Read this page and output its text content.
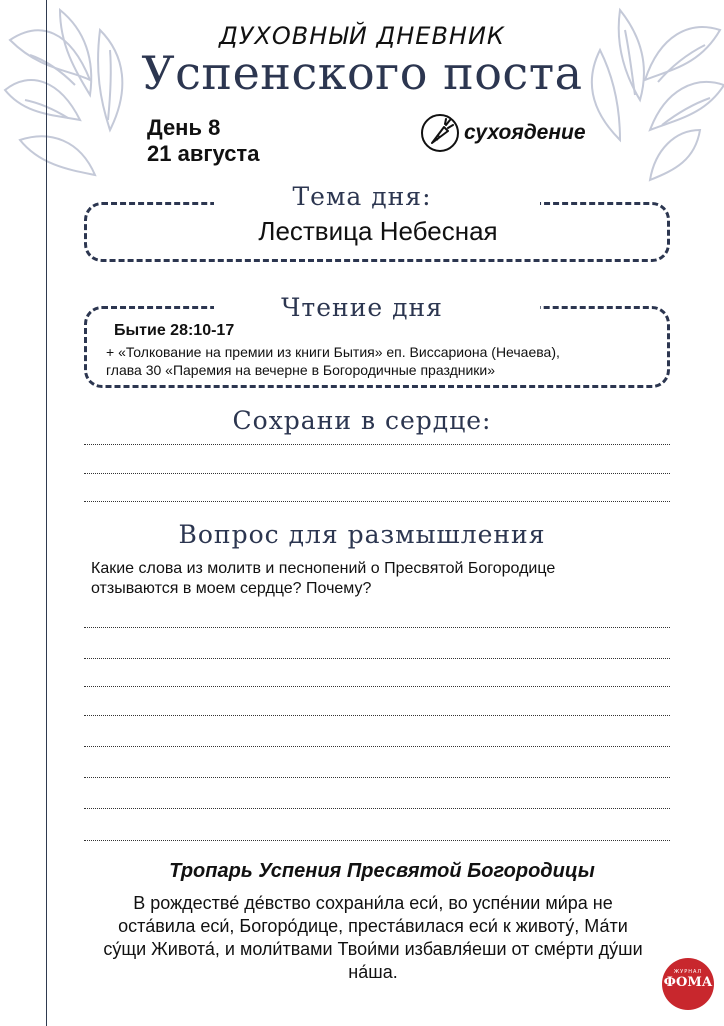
ДУХОВНЫЙ ДНЕВНИК
Успенского поста
День 8
21 августа
сухоядение
Тема дня:
Лествица Небесная
Чтение дня
Бытие 28:10-17
+ «Толкование на премии из книги Бытия» еп. Виссариона (Нечаева),
глава 30 «Паремия на вечерне в Богородичные праздники»
Сохрани в сердце:
Вопрос для размышления
Какие слова из молитв и песнопений о Пресвятой Богородице
отзываются в моем сердце? Почему?
Тропарь Успения Пресвятой Богородицы
В рождестве́ де́вство сохрани́ла еси́, во успе́нии ми́ра не
оста́вила еси́, Богоро́дице, преста́вилася еси́ к животу́, Ма́ти
су́щи Живота́, и моли́твами Твои́ми избавля́еши от сме́рти ду́ши
на́ша.	ЖУРНАЛ
ФОМА
